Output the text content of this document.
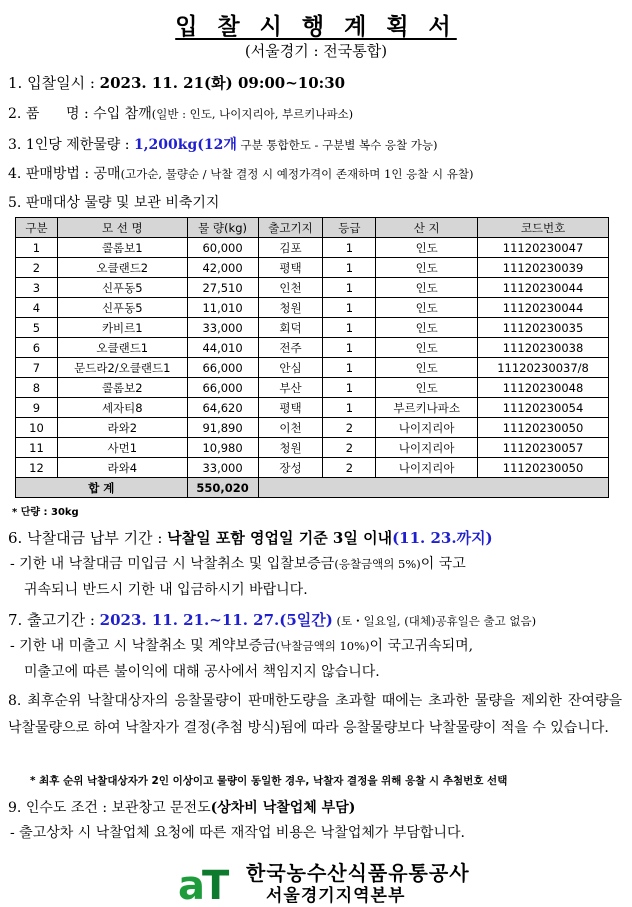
입 찰 시 행 계 획 서
(서울경기 : 전국통합)
1. 입찰일시 : 2023. 11. 21(화) 09:00~10:30
2. 품      명 : 수입 참깨(일반 : 인도, 나이지리아, 부르키나파소)
3. 1인당 제한물량 : 1,200kg(12개 구분 통합한도 - 구분별 복수 응찰 가능)
4. 판매방법 : 공매(고가순, 물량순 / 낙찰 결정 시 예정가격이 존재하며 1인 응찰 시 유찰)
5. 판매대상 물량 및 보관 비축기지
구분	모 선 명	물 량(kg)	출고기지	등급	산 지	코드번호
1	콜롬보1	60,000	김포	1	인도	11120230047
2	오클랜드2	42,000	평택	1	인도	11120230039
3	신푸동5	27,510	인천	1	인도	11120230044
4	신푸동5	11,010	청원	1	인도	11120230044
5	카비르1	33,000	회덕	1	인도	11120230035
6	오클랜드1	44,010	전주	1	인도	11120230038
7	문드라2/오클랜드1	66,000	안심	1	인도	11120230037/8
8	콜롬보2	66,000	부산	1	인도	11120230048
9	세자티8	64,620	평택	1	부르키나파소	11120230054
10	라와2	91,890	이천	2	나이지리아	11120230050
11	사먼1	10,980	청원	2	나이지리아	11120230057
12	라와4	33,000	장성	2	나이지리아	11120230050
합 계		550,020				
* 단량 : 30kg
6. 낙찰대금 납부 기간 : 낙찰일 포함 영업일 기준 3일 이내(11. 23.까지)
- 기한 내 낙찰대금 미입금 시 낙찰취소 및 입찰보증금(응찰금액의 5%)이 국고
귀속되니 반드시 기한 내 입금하시기 바랍니다.
7. 출고기간 : 2023. 11. 21.~11. 27.(5일간) (토・일요일, (대체)공휴일은 출고 없음)
- 기한 내 미출고 시 낙찰취소 및 계약보증금(낙찰금액의 10%)이 국고귀속되며,
미출고에 따른 불이익에 대해 공사에서 책임지지 않습니다.
8. 최후순위 낙찰대상자의 응찰물량이 판매한도량을 초과할 때에는 초과한 물량을 제외한 잔여량을 낙찰물량으로 하여 낙찰자가 결정(추첨 방식)됨에 따라 응찰물량보다 낙찰물량이 적을 수 있습니다.
* 최후 순위 낙찰대상자가 2인 이상이고 물량이 동일한 경우, 낙찰자 결정을 위해 응찰 시 추첨번호 선택
9. 인수도 조건 : 보관창고 문전도(상차비 낙찰업체 부담)
- 출고상차 시 낙찰업체 요청에 따른 재작업 비용은 낙찰업체가 부담합니다.
a
T 한국농수산식품유통공사
서울경기지역본부
